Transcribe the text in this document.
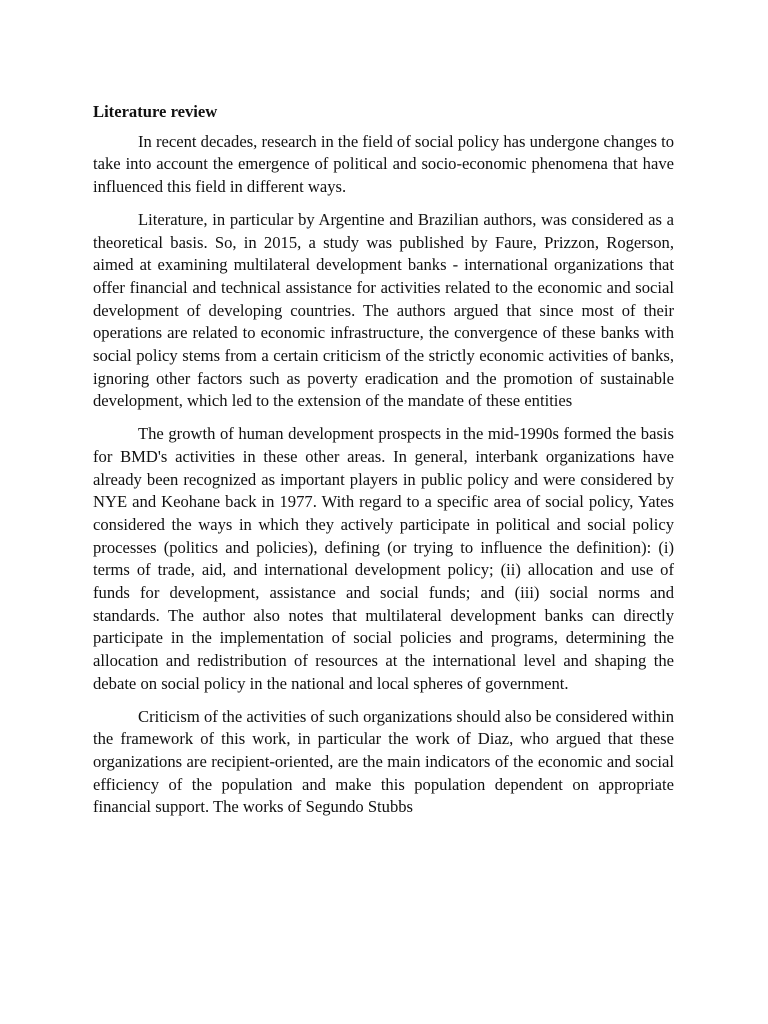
Literature review

In recent decades, research in the field of social policy has undergone changes to take into account the emergence of political and socio-economic phenomena that have influenced this field in different ways.

Literature, in particular by Argentine and Brazilian authors, was considered as a theoretical basis. So, in 2015, a study was published by Faure, Prizzon, Rogerson, aimed at examining multilateral development banks - international organizations that offer financial and technical assistance for activities related to the economic and social development of developing countries. The authors argued that since most of their operations are related to economic infrastructure, the convergence of these banks with social policy stems from a certain criticism of the strictly economic activities of banks, ignoring other factors such as poverty eradication and the promotion of sustainable development, which led to the extension of the mandate of these entities

The growth of human development prospects in the mid-1990s formed the basis for BMD's activities in these other areas. In general, interbank organizations have already been recognized as important players in public policy and were considered by NYE and Keohane back in 1977. With regard to a specific area of social policy, Yates considered the ways in which they actively participate in political and social policy processes (politics and policies), defining (or trying to influence the definition): (i) terms of trade, aid, and international development policy; (ii) allocation and use of funds for development, assistance and social funds; and (iii) social norms and standards. The author also notes that multilateral development banks can directly participate in the implementation of social policies and programs, determining the allocation and redistribution of resources at the international level and shaping the debate on social policy in the national and local spheres of government.

Criticism of the activities of such organizations should also be considered within the framework of this work, in particular the work of Diaz, who argued that these organizations are recipient-oriented, are the main indicators of the economic and social efficiency of the population and make this population dependent on appropriate financial support. The works of Segundo Stubbs
